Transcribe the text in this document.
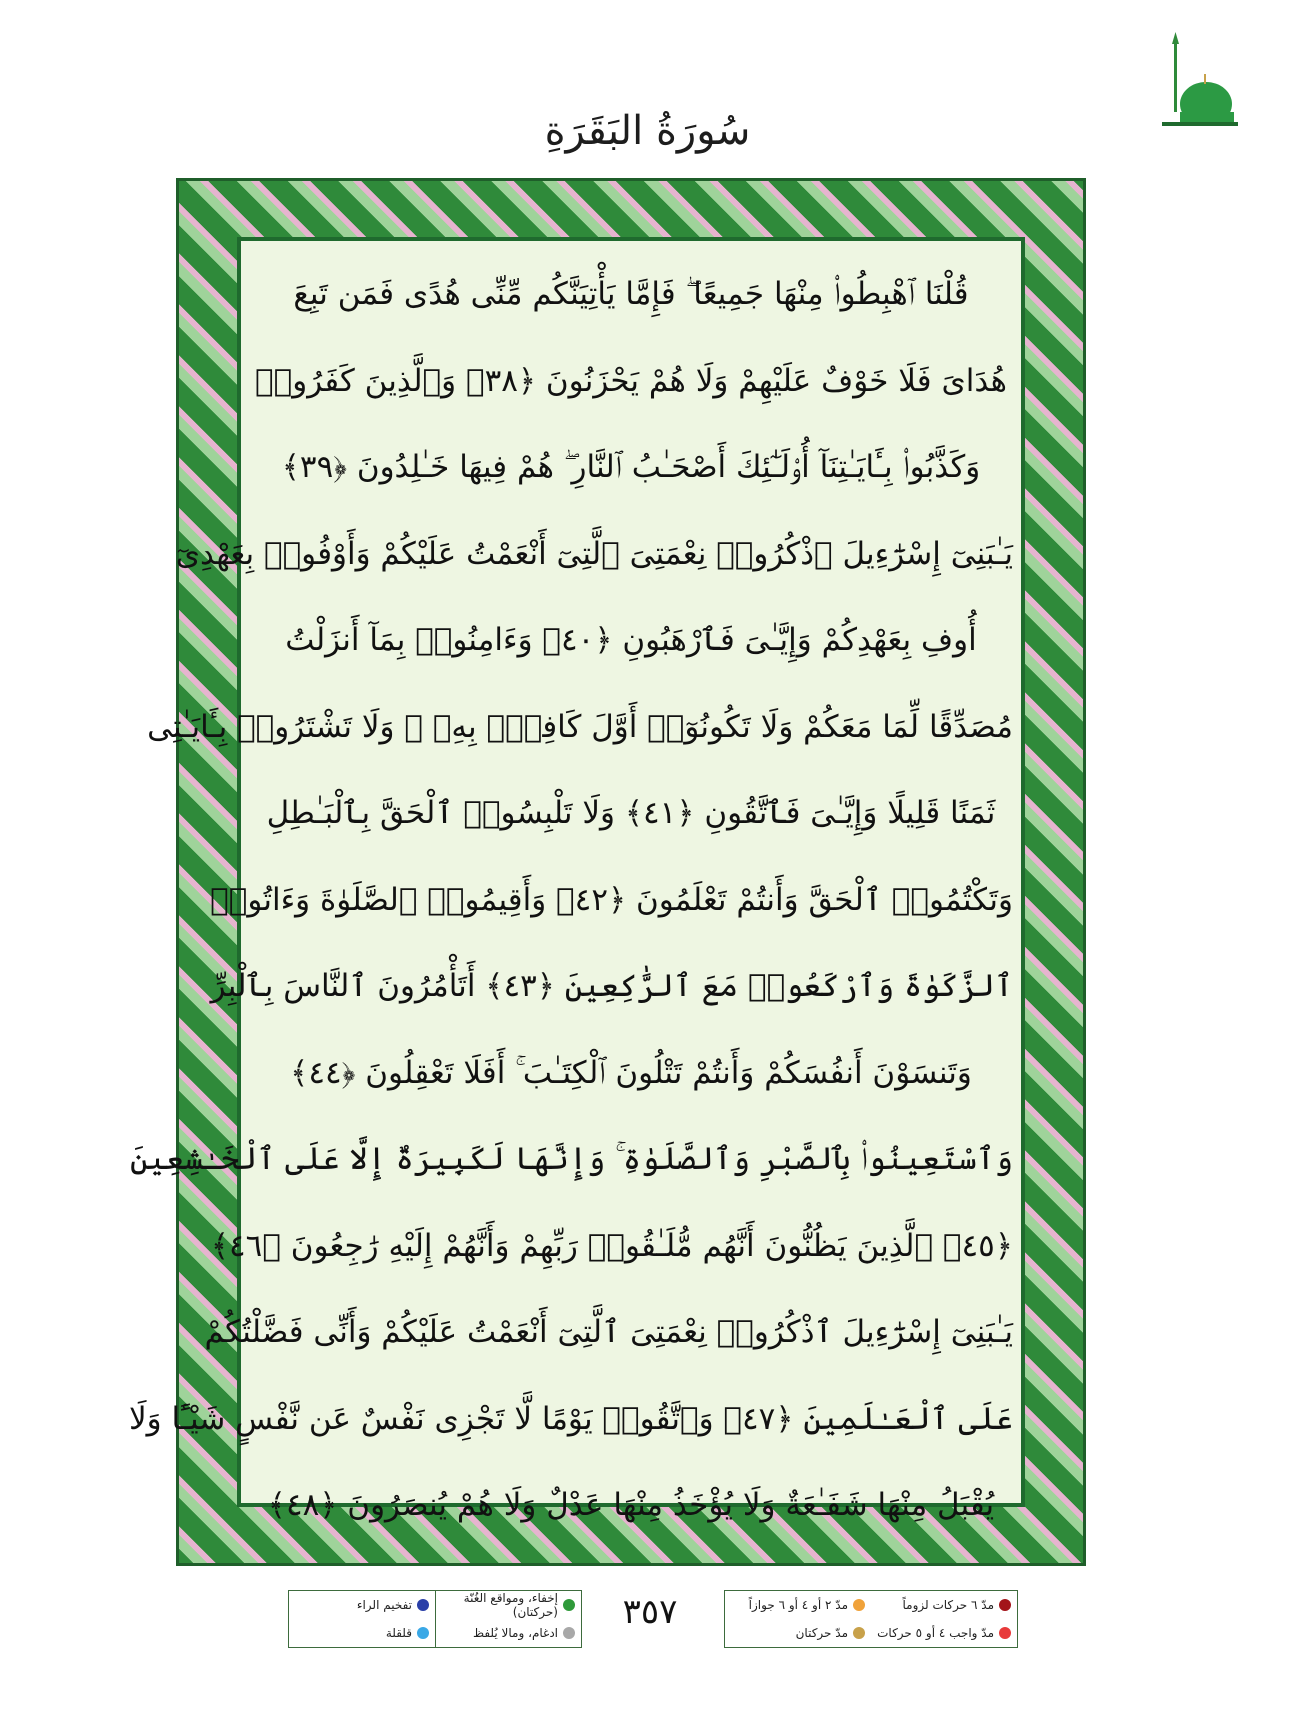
سُورَةُ البَقَرَةِ
قُلْنَا ٱهْبِطُوا۟ مِنْهَا جَمِيعًا ۖ فَإِمَّا يَأْتِيَنَّكُم مِّنِّى هُدًى فَمَن تَبِعَ
هُدَاىَ فَلَا خَوْفٌ عَلَيْهِمْ وَلَا هُمْ يَحْزَنُونَ ﴿٣٨﴾ وَٱلَّذِينَ كَفَرُوا۟
وَكَذَّبُوا۟ بِـَٔايَـٰتِنَآ أُو۟لَـٰٓئِكَ أَصْحَـٰبُ ٱلنَّارِ ۖ هُمْ فِيهَا خَـٰلِدُونَ ﴿٣٩﴾
يَـٰبَنِىٓ إِسْرَٰٓءِيلَ ٱذْكُرُوا۟ نِعْمَتِىَ ٱلَّتِىٓ أَنْعَمْتُ عَلَيْكُمْ وَأَوْفُوا۟ بِعَهْدِىٓ
أُوفِ بِعَهْدِكُمْ وَإِيَّـٰىَ فَٱرْهَبُونِ ﴿٤٠﴾ وَءَامِنُوا۟ بِمَآ أَنزَلْتُ
مُصَدِّقًا لِّمَا مَعَكُمْ وَلَا تَكُونُوٓا۟ أَوَّلَ كَافِرٍۭ بِهِۦ ۖ وَلَا تَشْتَرُوا۟ بِـَٔايَـٰتِى
ثَمَنًا قَلِيلًا وَإِيَّـٰىَ فَٱتَّقُونِ ﴿٤١﴾ وَلَا تَلْبِسُوا۟ ٱلْحَقَّ بِٱلْبَـٰطِلِ
وَتَكْتُمُوا۟ ٱلْحَقَّ وَأَنتُمْ تَعْلَمُونَ ﴿٤٢﴾ وَأَقِيمُوا۟ ٱلصَّلَوٰةَ وَءَاتُوا۟
ٱلزَّكَوٰةَ وَٱرْكَعُوا۟ مَعَ ٱلرَّٰكِعِينَ ﴿٤٣﴾ أَتَأْمُرُونَ ٱلنَّاسَ بِٱلْبِرِّ
وَتَنسَوْنَ أَنفُسَكُمْ وَأَنتُمْ تَتْلُونَ ٱلْكِتَـٰبَ ۚ أَفَلَا تَعْقِلُونَ ﴿٤٤﴾
وَٱسْتَعِينُوا۟ بِٱلصَّبْرِ وَٱلصَّلَوٰةِ ۚ وَإِنَّهَا لَكَبِيرَةٌ إِلَّا عَلَى ٱلْخَـٰشِعِينَ
﴿٤٥﴾ ٱلَّذِينَ يَظُنُّونَ أَنَّهُم مُّلَـٰقُوا۟ رَبِّهِمْ وَأَنَّهُمْ إِلَيْهِ رَٰجِعُونَ ﴿٤٦﴾
يَـٰبَنِىٓ إِسْرَٰٓءِيلَ ٱذْكُرُوا۟ نِعْمَتِىَ ٱلَّتِىٓ أَنْعَمْتُ عَلَيْكُمْ وَأَنِّى فَضَّلْتُكُمْ
عَلَى ٱلْعَـٰلَمِينَ ﴿٤٧﴾ وَٱتَّقُوا۟ يَوْمًا لَّا تَجْزِى نَفْسٌ عَن نَّفْسٍ شَيْـًٔا وَلَا
يُقْبَلُ مِنْهَا شَفَـٰعَةٌ وَلَا يُؤْخَذُ مِنْهَا عَدْلٌ وَلَا هُمْ يُنصَرُونَ ﴿٤٨﴾
مدّ ٦ حركات لزوماً
مدّ ٢ أو ٤ أو ٦ جوازاً
مدّ واجب ٤ أو ٥ حركات
مدّ حركتان
٣٥٧
إخفاء، ومواقع الغُنّة (حركتان)
تفخيم الراء
ادغام، ومالا يُلفظ
قلقلة
